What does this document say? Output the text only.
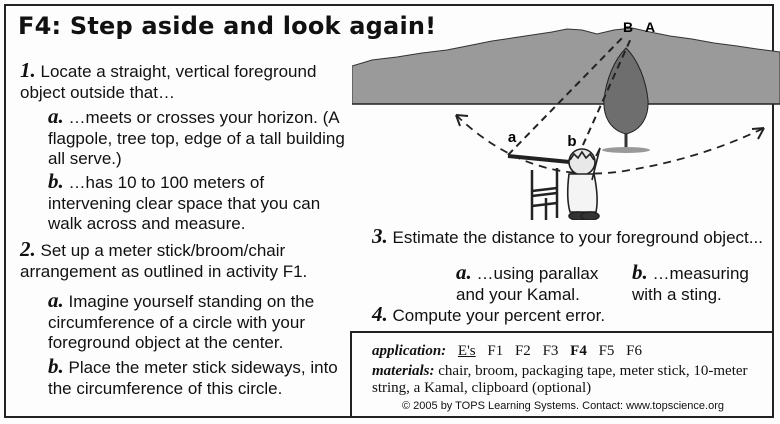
F4: Step aside and look again!
1. Locate a straight, vertical foreground object outside that…
a. …meets or crosses your horizon. (A flagpole, tree top, edge of a tall building all serve.)
b. …has 10 to 100 meters of intervening clear space that you can walk across and measure.
2. Set up a meter stick/broom/chair arrangement as outlined in activity F1.
a. Imagine yourself standing on the circumference of a circle with your foreground object at the center.
b. Place the meter stick sideways, into the circumference of this circle.
B A
a	b
3. Estimate the distance to your foreground object...
a. …using parallax and your Kamal.
b. …measuring with a sting.
4. Compute your percent error.
application: E's F1 F2 F3 F4 F5 F6
materials: chair, broom, packaging tape, meter stick, 10-meter string, a Kamal, clipboard (optional)
© 2005 by TOPS Learning Systems. Contact: www.topscience.org
